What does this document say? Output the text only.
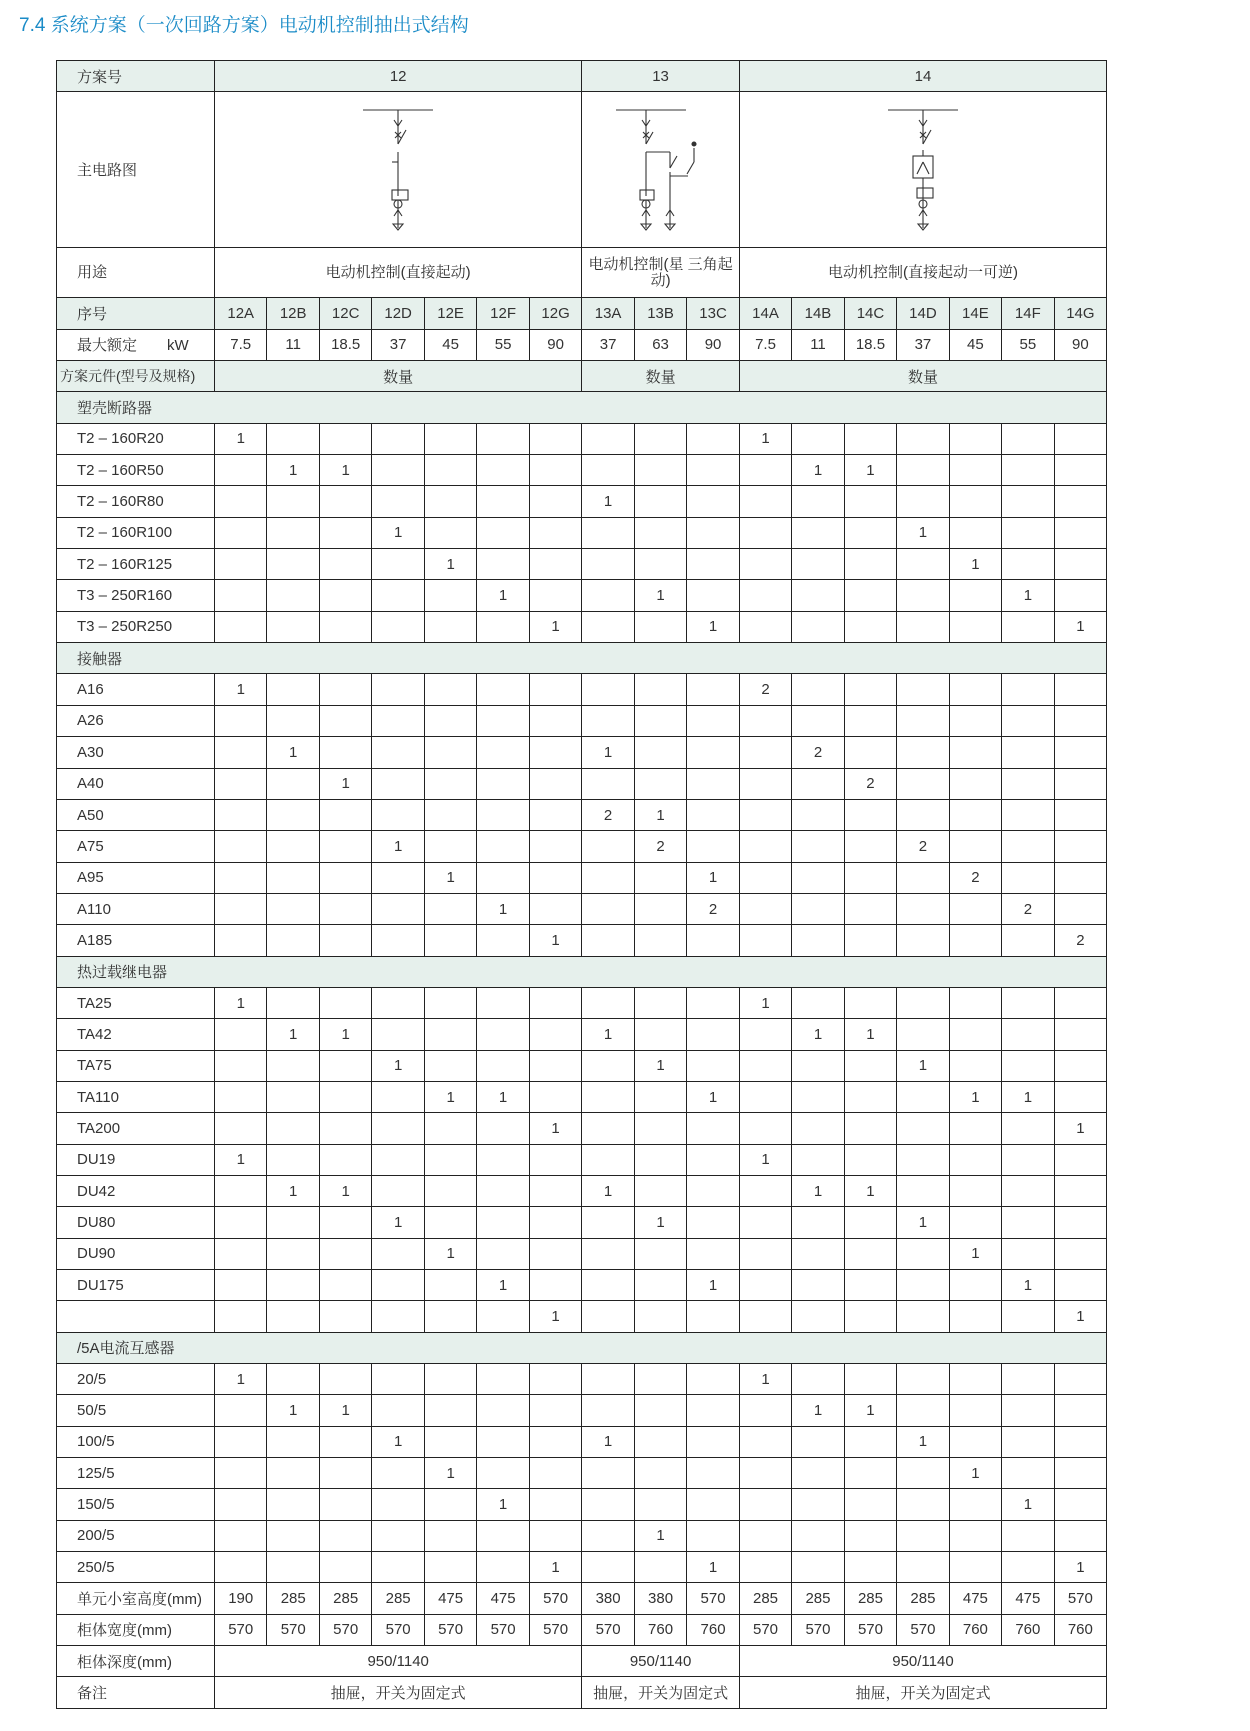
7.4 系统方案（一次回路方案）电动机控制抽出式结构
方案号	12							13			14						
主电路图	

用途	电动机控制(直接起动)							电动机控制(星 三角起动)			电动机控制(直接起动一可逆)						
序号	12A	12B	12C	12D	12E	12F	12G	13A	13B	13C	14A	14B	14C	14D	14E	14F	14G
最大额定 kW	7.5	11	18.5	37	45	55	90	37	63	90	7.5	11	18.5	37	45	55	90
方案元件(型号及规格)	数量							数量			数量						
塑壳断路器																	
T2 – 160R20	1										1						
T2 – 160R50		1	1									1	1				
T2 – 160R80								1									
T2 – 160R100				1										1			
T2 – 160R125					1										1		
T3 – 250R160						1			1							1	
T3 – 250R250							1			1							1
接触器																	
A16	1										2						
A26																	
A30		1						1				2					
A40			1										2				
A50								2	1								
A75				1					2					2			
A95					1					1					2		
A110						1				2						2	
A185							1										2
热过载继电器																	
TA25	1										1						
TA42		1	1					1				1	1				
TA75				1					1					1			
TA110					1	1				1					1	1	
TA200							1										1
DU19	1										1						
DU42		1	1					1				1	1				
DU80				1					1					1			
DU90					1										1		
DU175						1				1						1	
							1										1
/5A电流互感器																	
20/5	1										1						
50/5		1	1									1	1				
100/5				1				1						1			
125/5					1										1		
150/5						1										1	
200/5									1								
250/5							1			1							1
单元小室高度(mm)	190	285	285	285	475	475	570	380	380	570	285	285	285	285	475	475	570
柜体宽度(mm)	570	570	570	570	570	570	570	570	760	760	570	570	570	570	760	760	760
柜体深度(mm)	950/1140							950/1140			950/1140						
备注	抽屉，开关为固定式							抽屉，开关为固定式			抽屉，开关为固定式						
